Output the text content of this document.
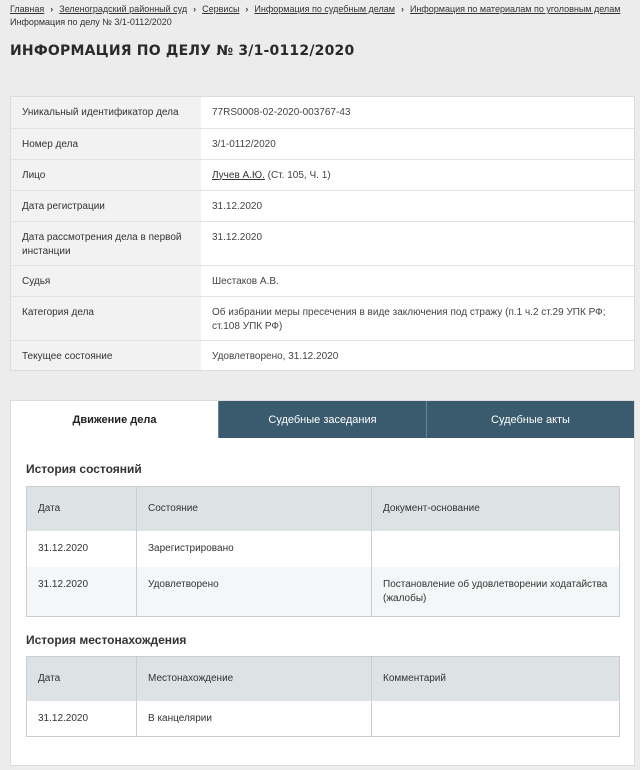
Главная › Зеленоградский районный суд › Сервисы › Информация по судебным делам › Информация по материалам по уголовным делам
Информация по делу № 3/1-0112/2020
ИНФОРМАЦИЯ ПО ДЕЛУ № 3/1-0112/2020
Уникальный идентификатор дела	77RS0008-02-2020-003767-43
Номер дела	3/1-0112/2020
Лицо	Лучев А.Ю. (Ст. 105, Ч. 1)
Дата регистрации	31.12.2020
Дата рассмотрения дела в первой инстанции	31.12.2020
Судья	Шестаков А.В.
Категория дела	Об избрании меры пресечения в виде заключения под стражу (п.1 ч.2 ст.29 УПК РФ; ст.108 УПК РФ)
Текущее состояние	Удовлетворено, 31.12.2020
Движение дела	Судебные заседания	Судебные акты
История состояний
Дата	Состояние	Документ-основание
31.12.2020	Зарегистрировано	
31.12.2020	Удовлетворено	Постановление об удовлетворении ходатайства (жалобы)
История местонахождения
Дата	Местонахождение	Комментарий
31.12.2020	В канцелярии	
